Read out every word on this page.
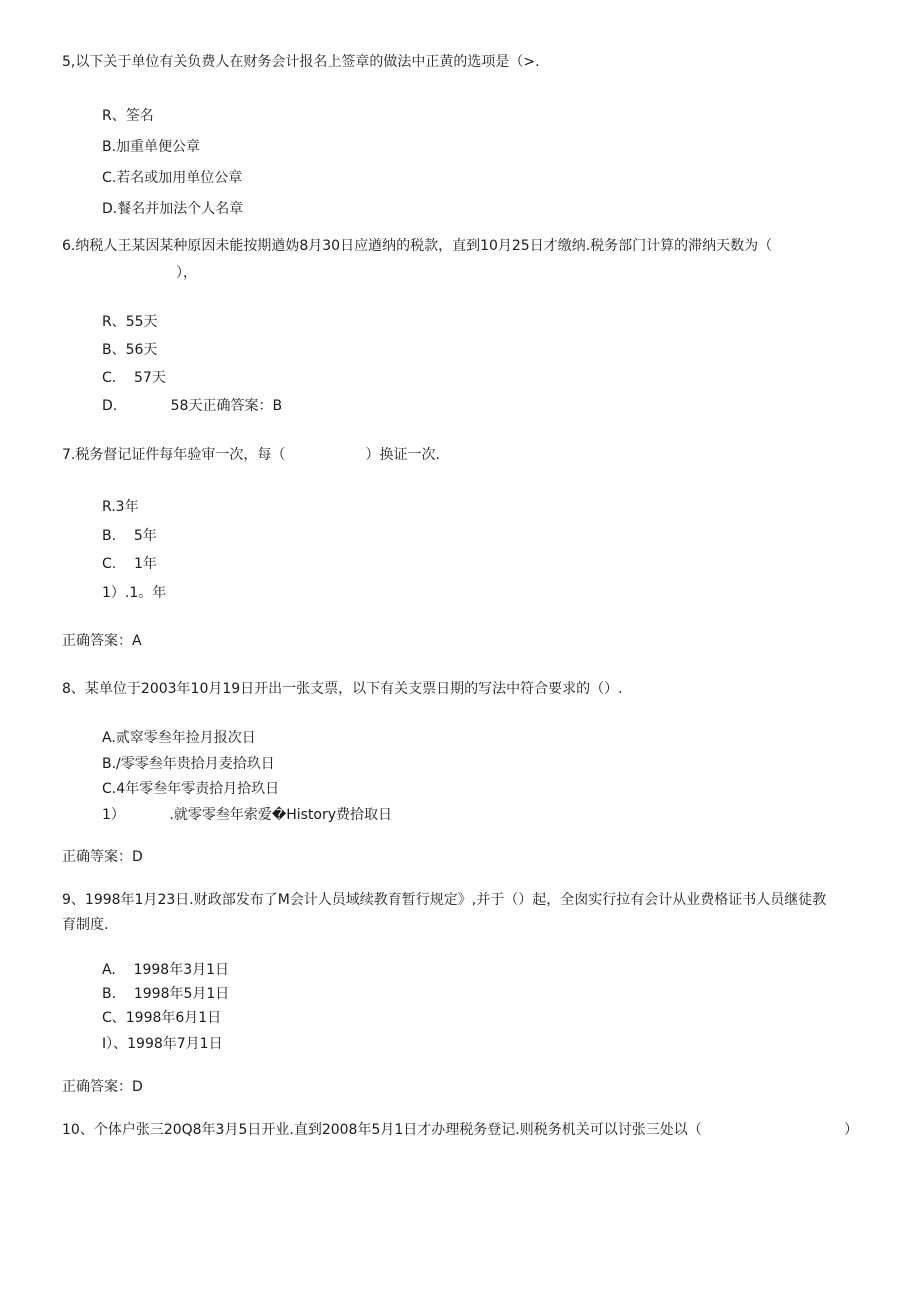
5,以下关于单位有关负费人在财务会计报名上签章的做法中正黄的选项是（>.

R、筌名

B.加重单便公章

C.若名或加用单位公章

D.餐名并加法个人名章

6.纳税人王某因某种原因未能按期遒妫8月30日应遒纳的税款，直到10月25日才缴纳.税务部门计算的滞纳天数为（

），

R、55天

B、56天

C.    57天

D.            58天正确答案：B

7.税务督记证件每年验审一次，每（                  ）换证一次.

R.3年

B.    5年

C.    1年

1）.1。年

正确答案：A

8、某单位于2003年10月19日开出一张支票，以下有关支票日期的写法中符合要求的（）.

A.贰窣零叁年捡月报次日

B./零零叁年贵拾月麦拾玖日

C.4年零叁年零责拾月拾玖日

1）          .就零零叁年索爱�History费拾取日

正确等案：D

9、1998年1月23日.财政部发布了M会计人员域续教育暂行规定》,并于（）起，全囱实行拉有会计从业费格证书人员继徒教

育制度.

A.    1998年3月1日

B.    1998年5月1日

C、1998年6月1日

I）、1998年7月1日

正确答案：D

10、个体户张三20Q8年3月5日开业.直到2008年5月1日才办理税务登记.则税务机关可以讨张三处以（                                ）
